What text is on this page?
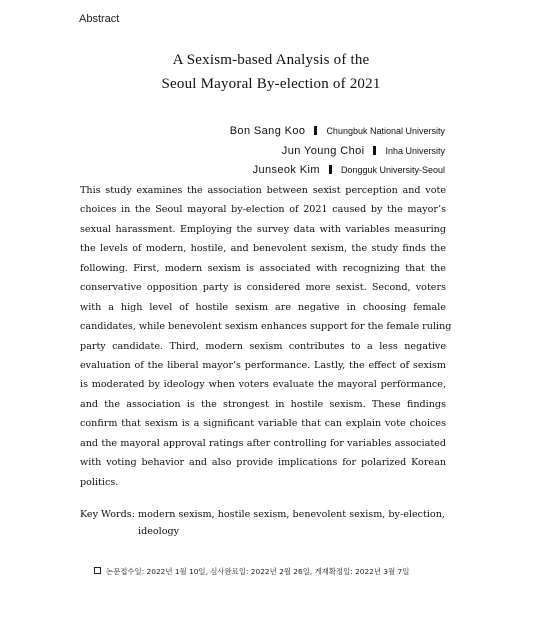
Abstract
A Sexism-based Analysis of the
Seoul Mayoral By-election of 2021
Bon Sang Koo Chungbuk National University
Jun Young Choi Inha University
Junseok Kim Dongguk University-Seoul
This study examines the association between sexist perception and vote
choices in the Seoul mayoral by-election of 2021 caused by the mayor’s
sexual harassment. Employing the survey data with variables measuring
the levels of modern, hostile, and benevolent sexism, the study finds the
following. First, modern sexism is associated with recognizing that the
conservative opposition party is considered more sexist. Second, voters
with a high level of hostile sexism are negative in choosing female
candidates, while benevolent sexism enhances support for the female ruling
party candidate. Third, modern sexism contributes to a less negative
evaluation of the liberal mayor’s performance. Lastly, the effect of sexism
is moderated by ideology when voters evaluate the mayoral performance,
and the association is the strongest in hostile sexism. These findings
confirm that sexism is a significant variable that can explain vote choices
and the mayoral approval ratings after controlling for variables associated
with voting behavior and also provide implications for polarized Korean
politics.
Key Words: modern sexism, hostile sexism, benevolent sexism, by-election,
ideology
논문접수일: 2022년 1월 10일, 심사완료일: 2022년 2월 26일, 게재확정일: 2022년 3월 7일
